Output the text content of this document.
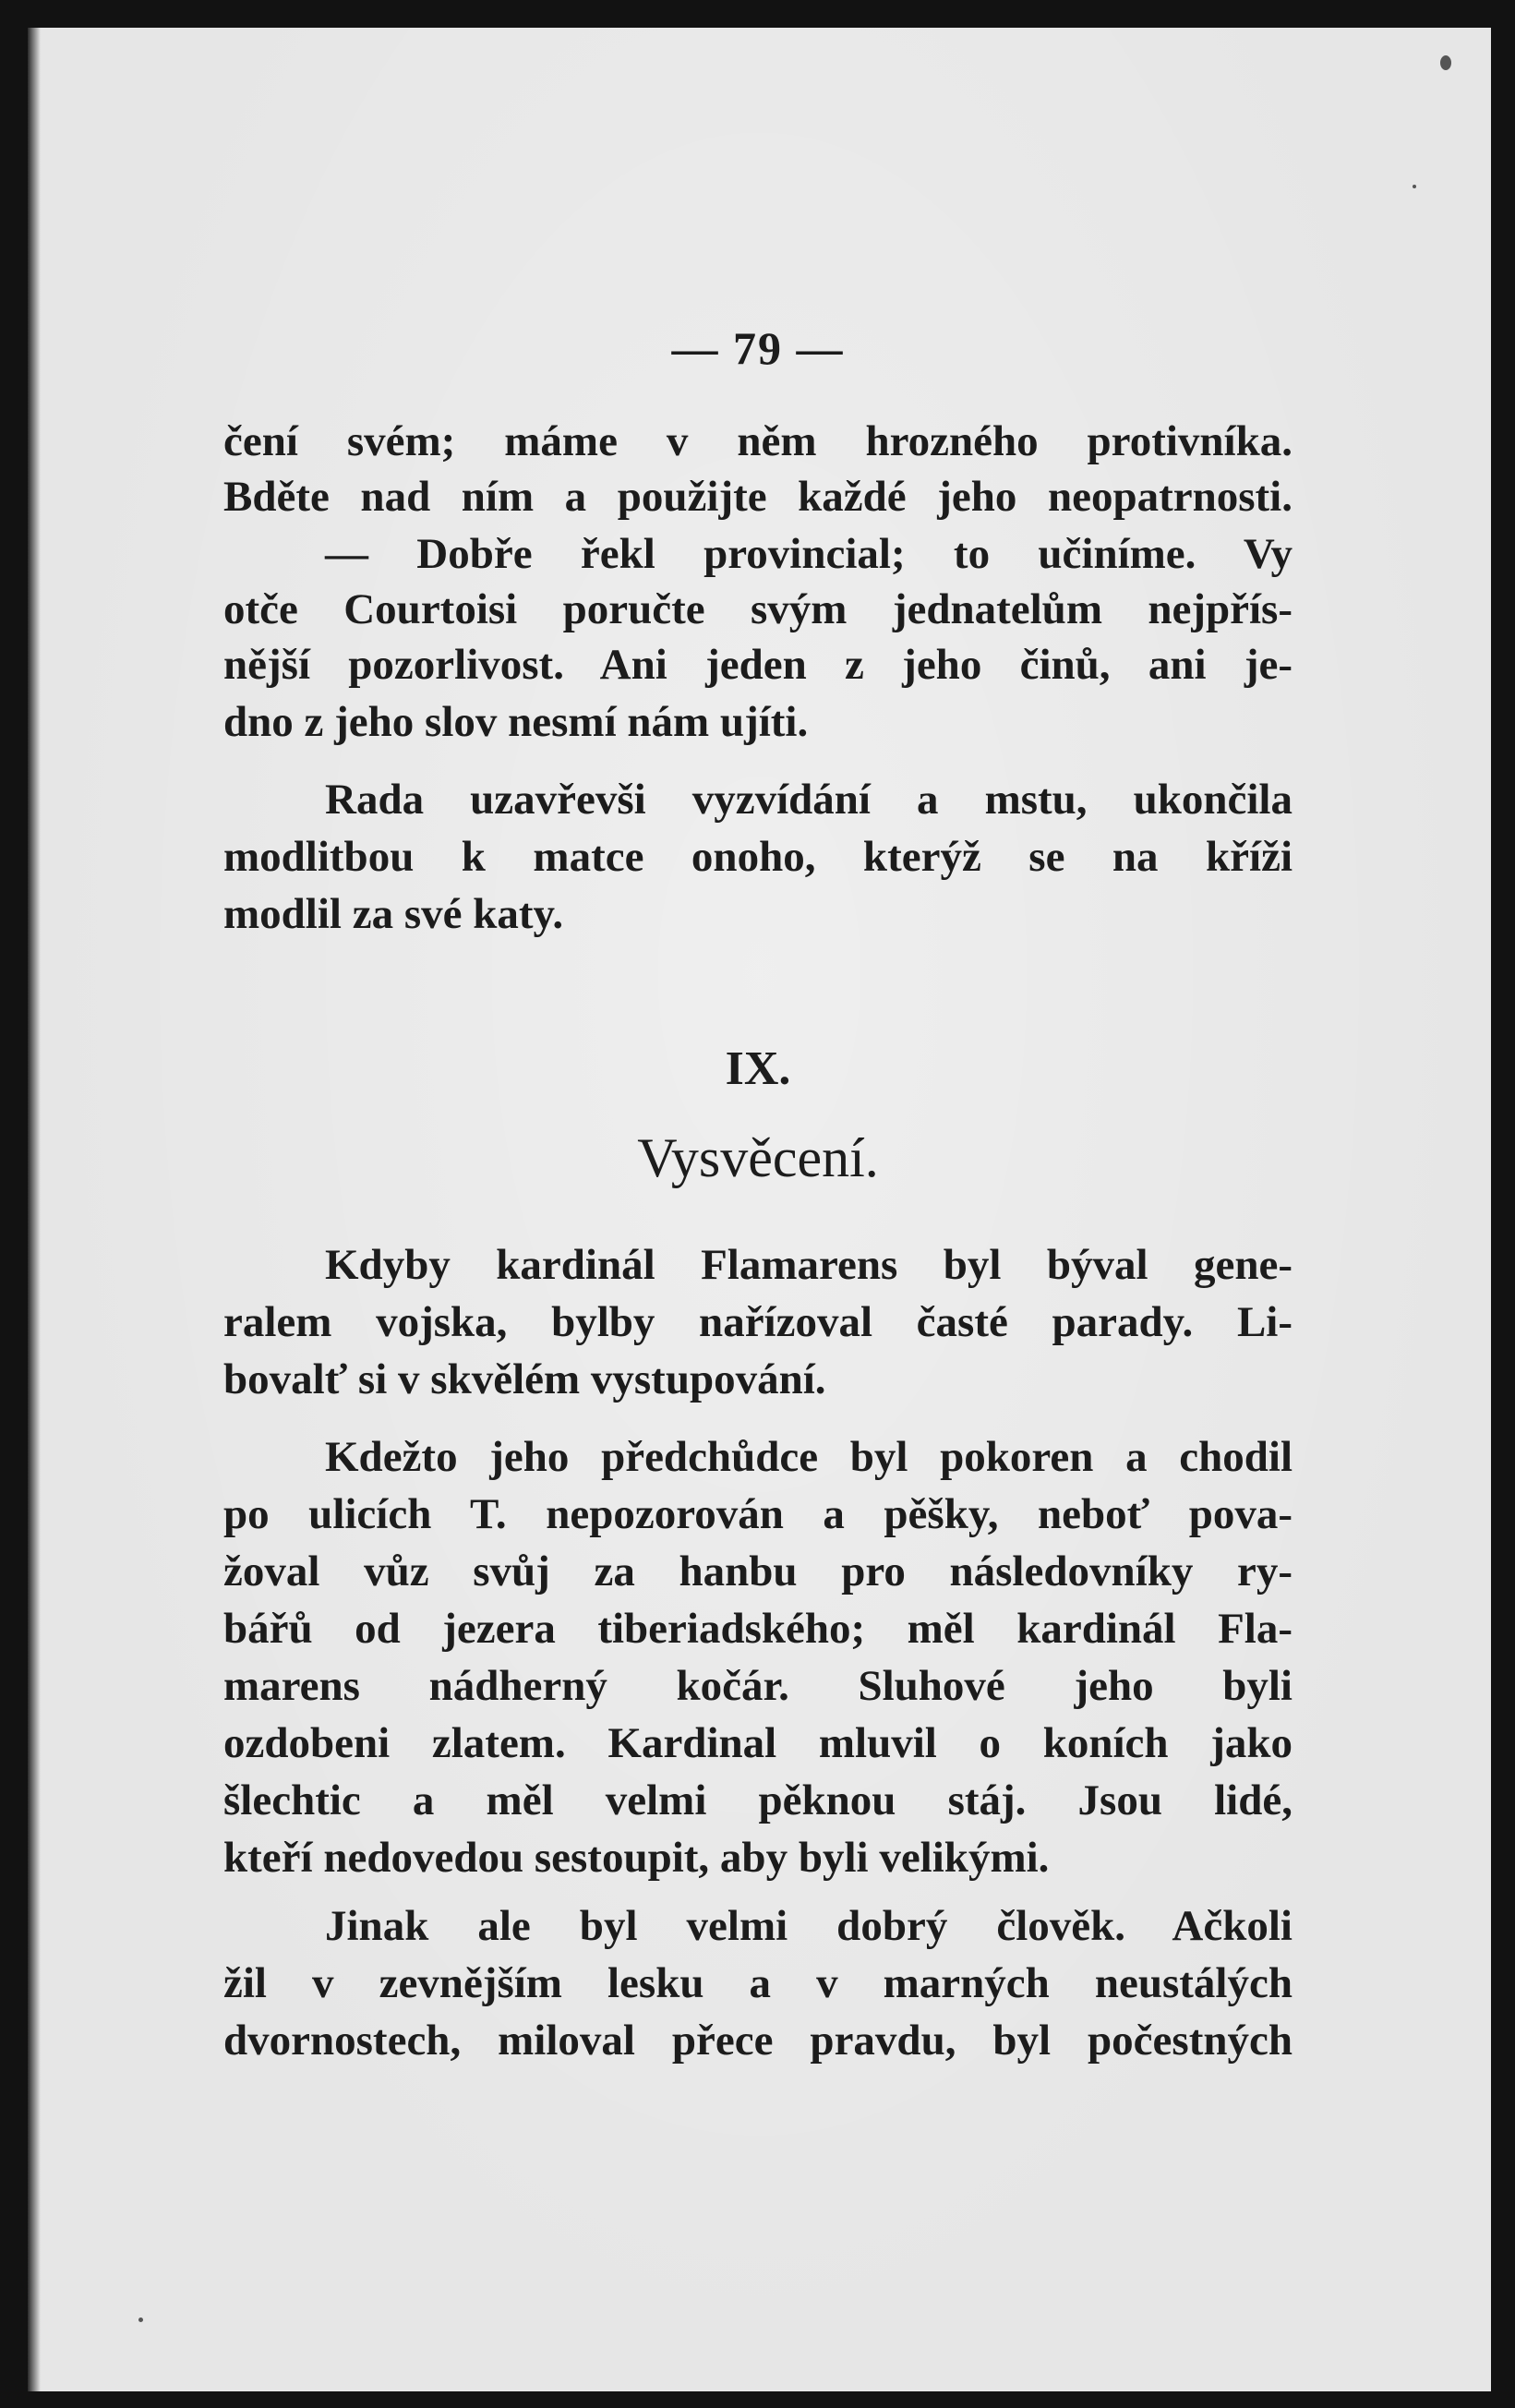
— 79 —
čení svém; máme v něm hrozného protivníka.
Bděte nad ním a použijte každé jeho neopatrnosti.
— Dobře řekl provincial; to učiníme. Vy
otče Courtoisi poručte svým jednatelům nejpřís-
nější pozorlivost. Ani jeden z jeho činů, ani je-
dno z jeho slov nesmí nám ujíti.
Rada uzavřevši vyzvídání a mstu, ukončila
modlitbou k matce onoho, kterýž se na kříži
modlil za své katy.
IX.
Vysvěcení.
Kdyby kardinál Flamarens byl býval gene-
ralem vojska, bylby nařízoval časté parady. Li-
bovalť si v skvělém vystupování.
Kdežto jeho předchůdce byl pokoren a chodil
po ulicích T. nepozorován a pěšky, neboť pova-
žoval vůz svůj za hanbu pro následovníky ry-
bářů od jezera tiberiadského; měl kardinál Fla-
marens nádherný kočár. Sluhové jeho byli
ozdobeni zlatem. Kardinal mluvil o koních jako
šlechtic a měl velmi pěknou stáj. Jsou lidé,
kteří nedovedou sestoupit, aby byli velikými.
Jinak ale byl velmi dobrý člověk. Ačkoli
žil v zevnějším lesku a v marných neustálých
dvornostech, miloval přece pravdu, byl počestných
